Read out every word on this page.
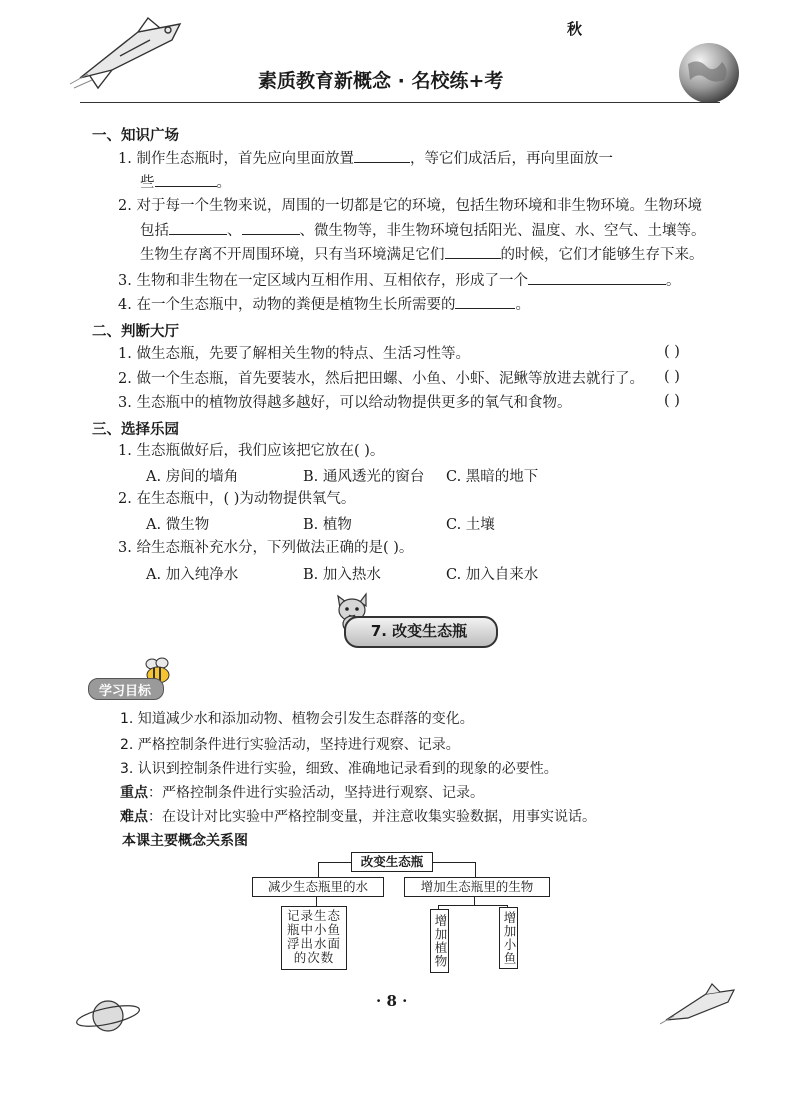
秋
素质教育新概念 · 名校练+考
一、知识广场
1. 制作生态瓶时，首先应向里面放置	，等它们成活后，再向里面放一
些	。
2. 对于每一个生物来说，周围的一切都是它的环境，包括生物环境和非生物环境。生物环境
包括	、	、微生物等，非生物环境包括阳光、温度、水、空气、土壤等。
生物生存离不开周围环境，只有当环境满足它们	的时候，它们才能够生存下来。
3. 生物和非生物在一定区域内互相作用、互相依存，形成了一个	。
4. 在一个生态瓶中，动物的粪便是植物生长所需要的	。
二、判断大厅
1. 做生态瓶，先要了解相关生物的特点、生活习性等。	( )
2. 做一个生态瓶，首先要装水，然后把田螺、小鱼、小虾、泥鳅等放进去就行了。 ( )
3. 生态瓶中的植物放得越多越好，可以给动物提供更多的氧气和食物。	( )
三、选择乐园
1. 生态瓶做好后，我们应该把它放在( )。
A. 房间的墙角	B. 通风透光的窗台 C. 黑暗的地下
2. 在生态瓶中，( )为动物提供氧气。
A. 微生物	B. 植物	C. 土壤
3. 给生态瓶补充水分，下列做法正确的是( )。
A. 加入纯净水	B. 加入热水	C. 加入自来水
7. 改变生态瓶
学习目标
1. 知道减少水和添加动物、植物会引发生态群落的变化。
2. 严格控制条件进行实验活动，坚持进行观察、记录。
3. 认识到控制条件进行实验，细致、准确地记录看到的现象的必要性。
重点：严格控制条件进行实验活动，坚持进行观察、记录。
难点：在设计对比实验中严格控制变量，并注意收集实验数据，用事实说话。
本课主要概念关系图
改变生态瓶
减少生态瓶里的水	增加生态瓶里的生物
记录生态
瓶中小鱼
浮出水面
的次数	增加植物	增加小鱼
· 8 ·
